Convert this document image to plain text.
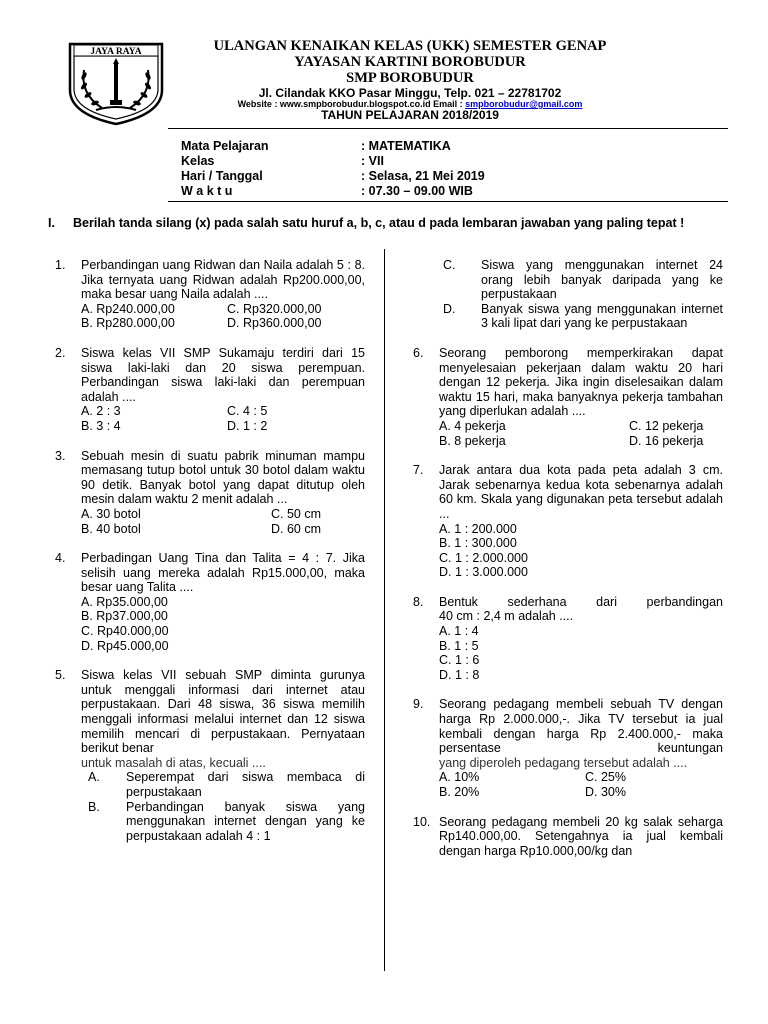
JAYA RAYA	ULANGAN KENAIKAN KELAS (UKK) SEMESTER GENAP
YAYASAN KARTINI BOROBUDUR
SMP BOROBUDUR
Jl. Cilandak KKO Pasar Minggu, Telp. 021 – 22781702
Website : www.smpborobudur.blogspot.co.id Email : smpborobudur@gmail.com
TAHUN PELAJARAN 2018/2019
Mata Pelajaran	: MATEMATIKA
Kelas	: VII
Hari / Tanggal	: Selasa, 21 Mei 2019
W a k t u	: 07.30 – 09.00 WIB
I. Berilah tanda silang (x) pada salah satu huruf a, b, c, atau d pada lembaran jawaban yang paling tepat !
1.	Perbandingan uang Ridwan dan Naila adalah 5 : 8. Jika ternyata uang Ridwan adalah Rp200.000,00, maka besar uang Naila adalah ....
A. Rp240.000,00	C. Rp320.000,00
B. Rp280.000,00	D. Rp360.000,00
2.	Siswa kelas VII SMP Sukamaju terdiri dari 15 siswa laki-laki dan 20 siswa perempuan. Perbandingan siswa laki-laki dan perempuan adalah ....
A. 2 : 3	C. 4 : 5
B. 3 : 4	D. 1 : 2
3.	Sebuah mesin di suatu pabrik minuman mampu memasang tutup botol untuk 30 botol dalam waktu 90 detik. Banyak botol yang dapat ditutup oleh mesin dalam waktu 2 menit adalah ...
A. 30 botol	C. 50 cm
B. 40 botol	D. 60 cm
4.	Perbadingan Uang Tina dan Talita = 4 : 7. Jika selisih uang mereka adalah Rp15.000,00, maka besar uang Talita ....
A. Rp35.000,00
B. Rp37.000,00
C. Rp40.000,00
D. Rp45.000,00
5.	Siswa kelas VII sebuah SMP diminta gurunya untuk menggali informasi dari internet atau perpustakaan. Dari 48 siswa, 36 siswa memilih menggali informasi melalui internet dan 12 siswa memilih mencari di perpustakaan. Pernyataan berikut benar
untuk masalah di atas, kecuali ....
A.	Seperempat dari siswa membaca di perpustakaan
B.	Perbandingan banyak siswa yang menggunakan internet dengan yang ke perpustakaan adalah 4 : 1
C.	Siswa yang menggunakan internet 24 orang lebih banyak daripada yang ke perpustakaan
D.	Banyak siswa yang menggunakan internet 3 kali lipat dari yang ke perpustakaan
6.	Seorang pemborong memperkirakan dapat menyelesaian pekerjaan dalam waktu 20 hari dengan 12 pekerja. Jika ingin diselesaikan dalam waktu 15 hari, maka banyaknya pekerja tambahan yang diperlukan adalah ....
A. 4 pekerja	C. 12 pekerja
B. 8 pekerja	D. 16 pekerja
7.	Jarak antara dua kota pada peta adalah 3 cm. Jarak sebenarnya kedua kota sebenarnya adalah 60 km. Skala yang digunakan peta tersebut adalah ...
A. 1 : 200.000
B. 1 : 300.000
C. 1 : 2.000.000
D. 1 : 3.000.000
8.	Bentuk sederhana dari perbandingan
40 cm : 2,4 m adalah ....
A. 1 : 4
B. 1 : 5
C. 1 : 6
D. 1 : 8
9.	Seorang pedagang membeli sebuah TV dengan harga Rp 2.000.000,-. Jika TV tersebut ia jual kembali dengan harga Rp 2.400.000,- maka persentase keuntungan
yang diperoleh pedagang tersebut adalah ....
A. 10%	C. 25%
B. 20%	D. 30%
10. Seorang pedagang membeli 20 kg salak seharga Rp140.000,00. Setengahnya ia jual kembali dengan harga Rp10.000,00/kg dan
